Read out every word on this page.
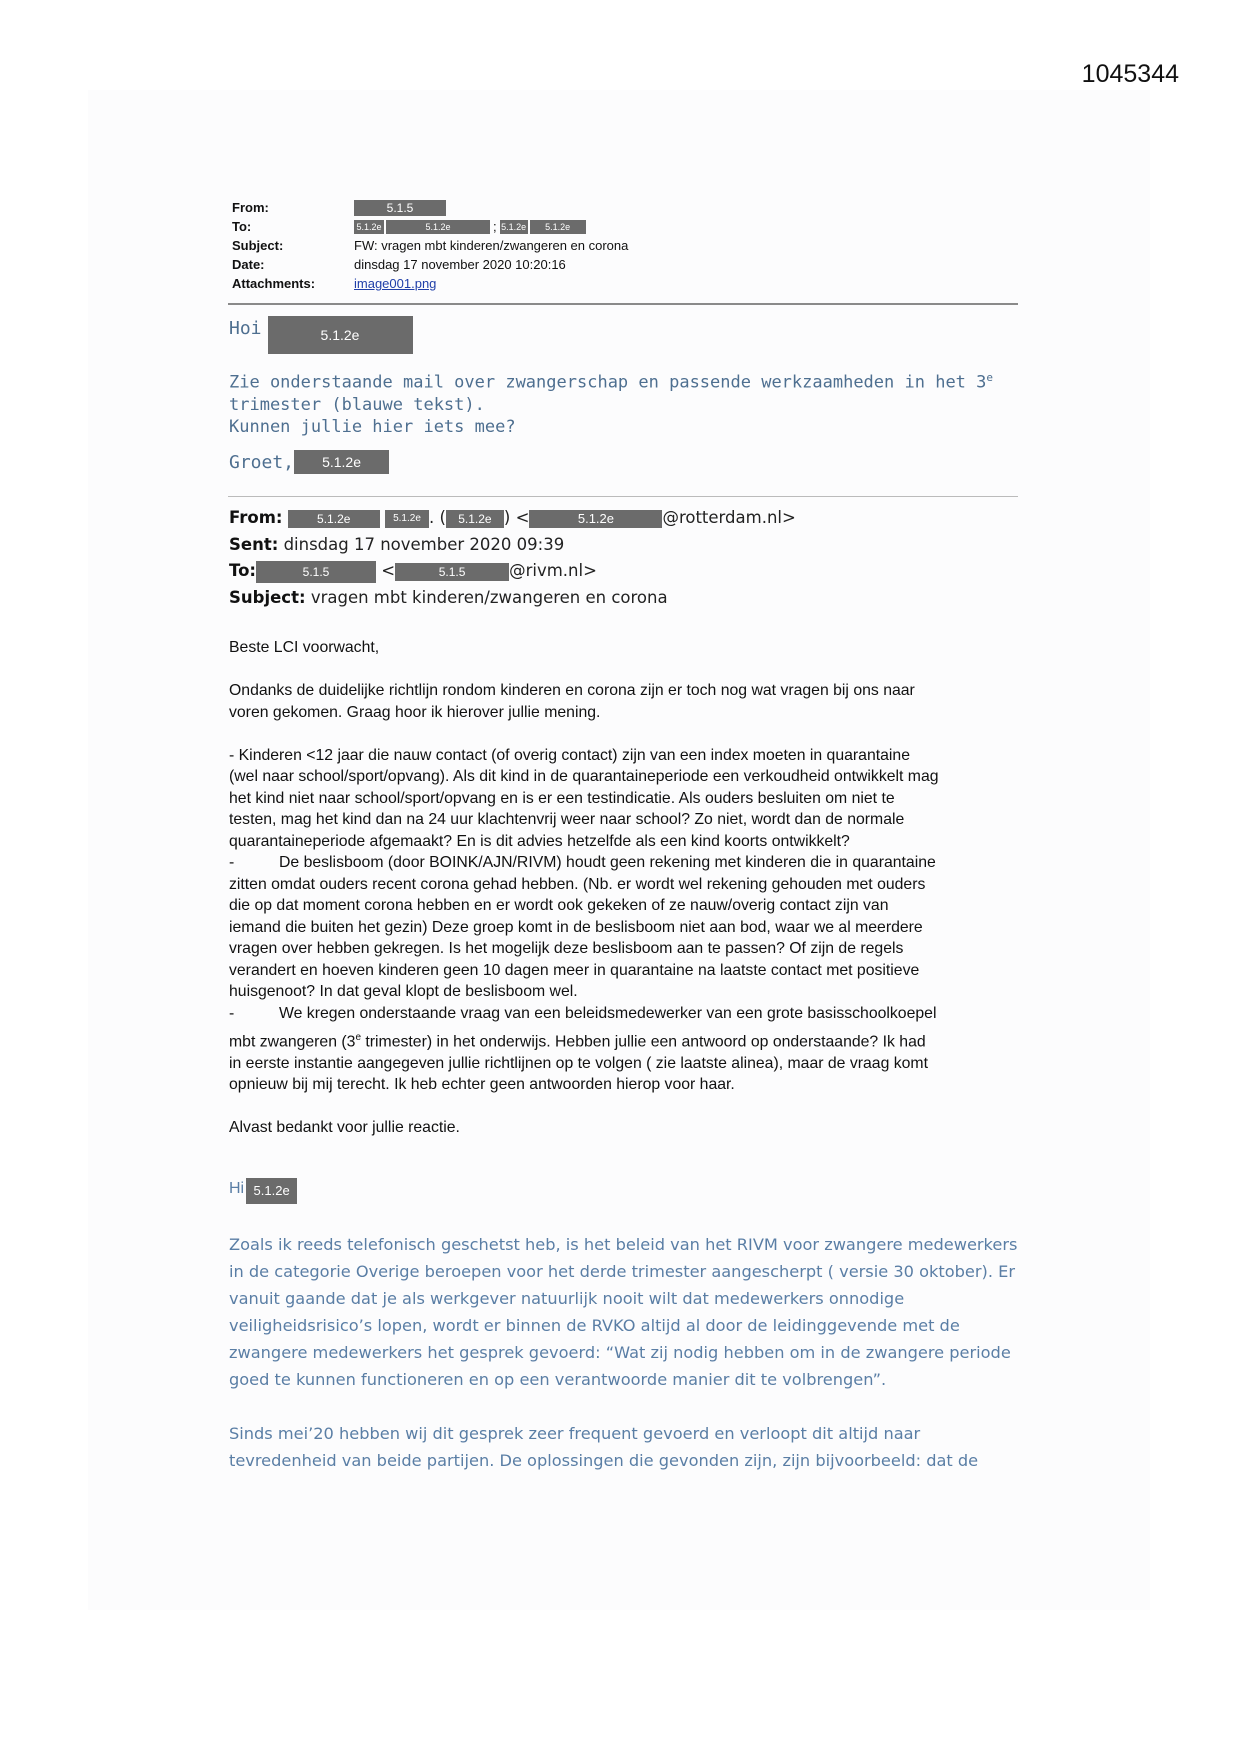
1045344
From:	5.1.5
To:	5.1.2e	5.1.2e	; 5.1.2e	5.1.2e
Subject:	FW: vragen mbt kinderen/zwangeren en corona
Date:	dinsdag 17 november 2020 10:20:16
Attachments:	image001.png
Hoi	5.1.2e
Zie onderstaande mail over zwangerschap en passende werkzaamheden in het 3e
trimester (blauwe tekst).
Kunnen jullie hier iets mee?
Groet, 5.1.2e
From:	5.1.2e	5.1.2e . ( 5.1.2e ) <	5.1.2e	@rotterdam.nl>
Sent: dinsdag 17 november 2020 09:39
To:	5.1.5	<	5.1.5	@rivm.nl>
Subject: vragen mbt kinderen/zwangeren en corona

Beste LCI voorwacht,

Ondanks de duidelijke richtlijn rondom kinderen en corona zijn er toch nog wat vragen bij ons naar

voren gekomen. Graag hoor ik hierover jullie mening.

- Kinderen <12 jaar die nauw contact (of overig contact) zijn van een index moeten in quarantaine

(wel naar school/sport/opvang). Als dit kind in de quarantaineperiode een verkoudheid ontwikkelt mag

het kind niet naar school/sport/opvang en is er een testindicatie. Als ouders besluiten om niet te

testen, mag het kind dan na 24 uur klachtenvrij weer naar school? Zo niet, wordt dan de normale

quarantaineperiode afgemaakt? En is dit advies hetzelfde als een kind koorts ontwikkelt?

-	De beslisboom (door BOINK/AJN/RIVM) houdt geen rekening met kinderen die in quarantaine

zitten omdat ouders recent corona gehad hebben. (Nb. er wordt wel rekening gehouden met ouders

die op dat moment corona hebben en er wordt ook gekeken of ze nauw/overig contact zijn van

iemand die buiten het gezin) Deze groep komt in de beslisboom niet aan bod, waar we al meerdere

vragen over hebben gekregen. Is het mogelijk deze beslisboom aan te passen? Of zijn de regels

verandert en hoeven kinderen geen 10 dagen meer in quarantaine na laatste contact met positieve

huisgenoot? In dat geval klopt de beslisboom wel.

-	We kregen onderstaande vraag van een beleidsmedewerker van een grote basisschoolkoepel

mbt zwangeren (3e trimester) in het onderwijs. Hebben jullie een antwoord op onderstaande? Ik had

in eerste instantie aangegeven jullie richtlijnen op te volgen ( zie laatste alinea), maar de vraag komt

opnieuw bij mij terecht. Ik heb echter geen antwoorden hierop voor haar.

Alvast bedankt voor jullie reactie.

Hi 5.1.2e

Zoals ik reeds telefonisch geschetst heb, is het beleid van het RIVM voor zwangere medewerkers

in de categorie Overige beroepen voor het derde trimester aangescherpt ( versie 30 oktober). Er

vanuit gaande dat je als werkgever natuurlijk nooit wilt dat medewerkers onnodige

veiligheidsrisico’s lopen, wordt er binnen de RVKO altijd al door de leidinggevende met de

zwangere medewerkers het gesprek gevoerd: “Wat zij nodig hebben om in de zwangere periode

goed te kunnen functioneren en op een verantwoorde manier dit te volbrengen”.

Sinds mei’20 hebben wij dit gesprek zeer frequent gevoerd en verloopt dit altijd naar

tevredenheid van beide partijen. De oplossingen die gevonden zijn, zijn bijvoorbeeld: dat de
